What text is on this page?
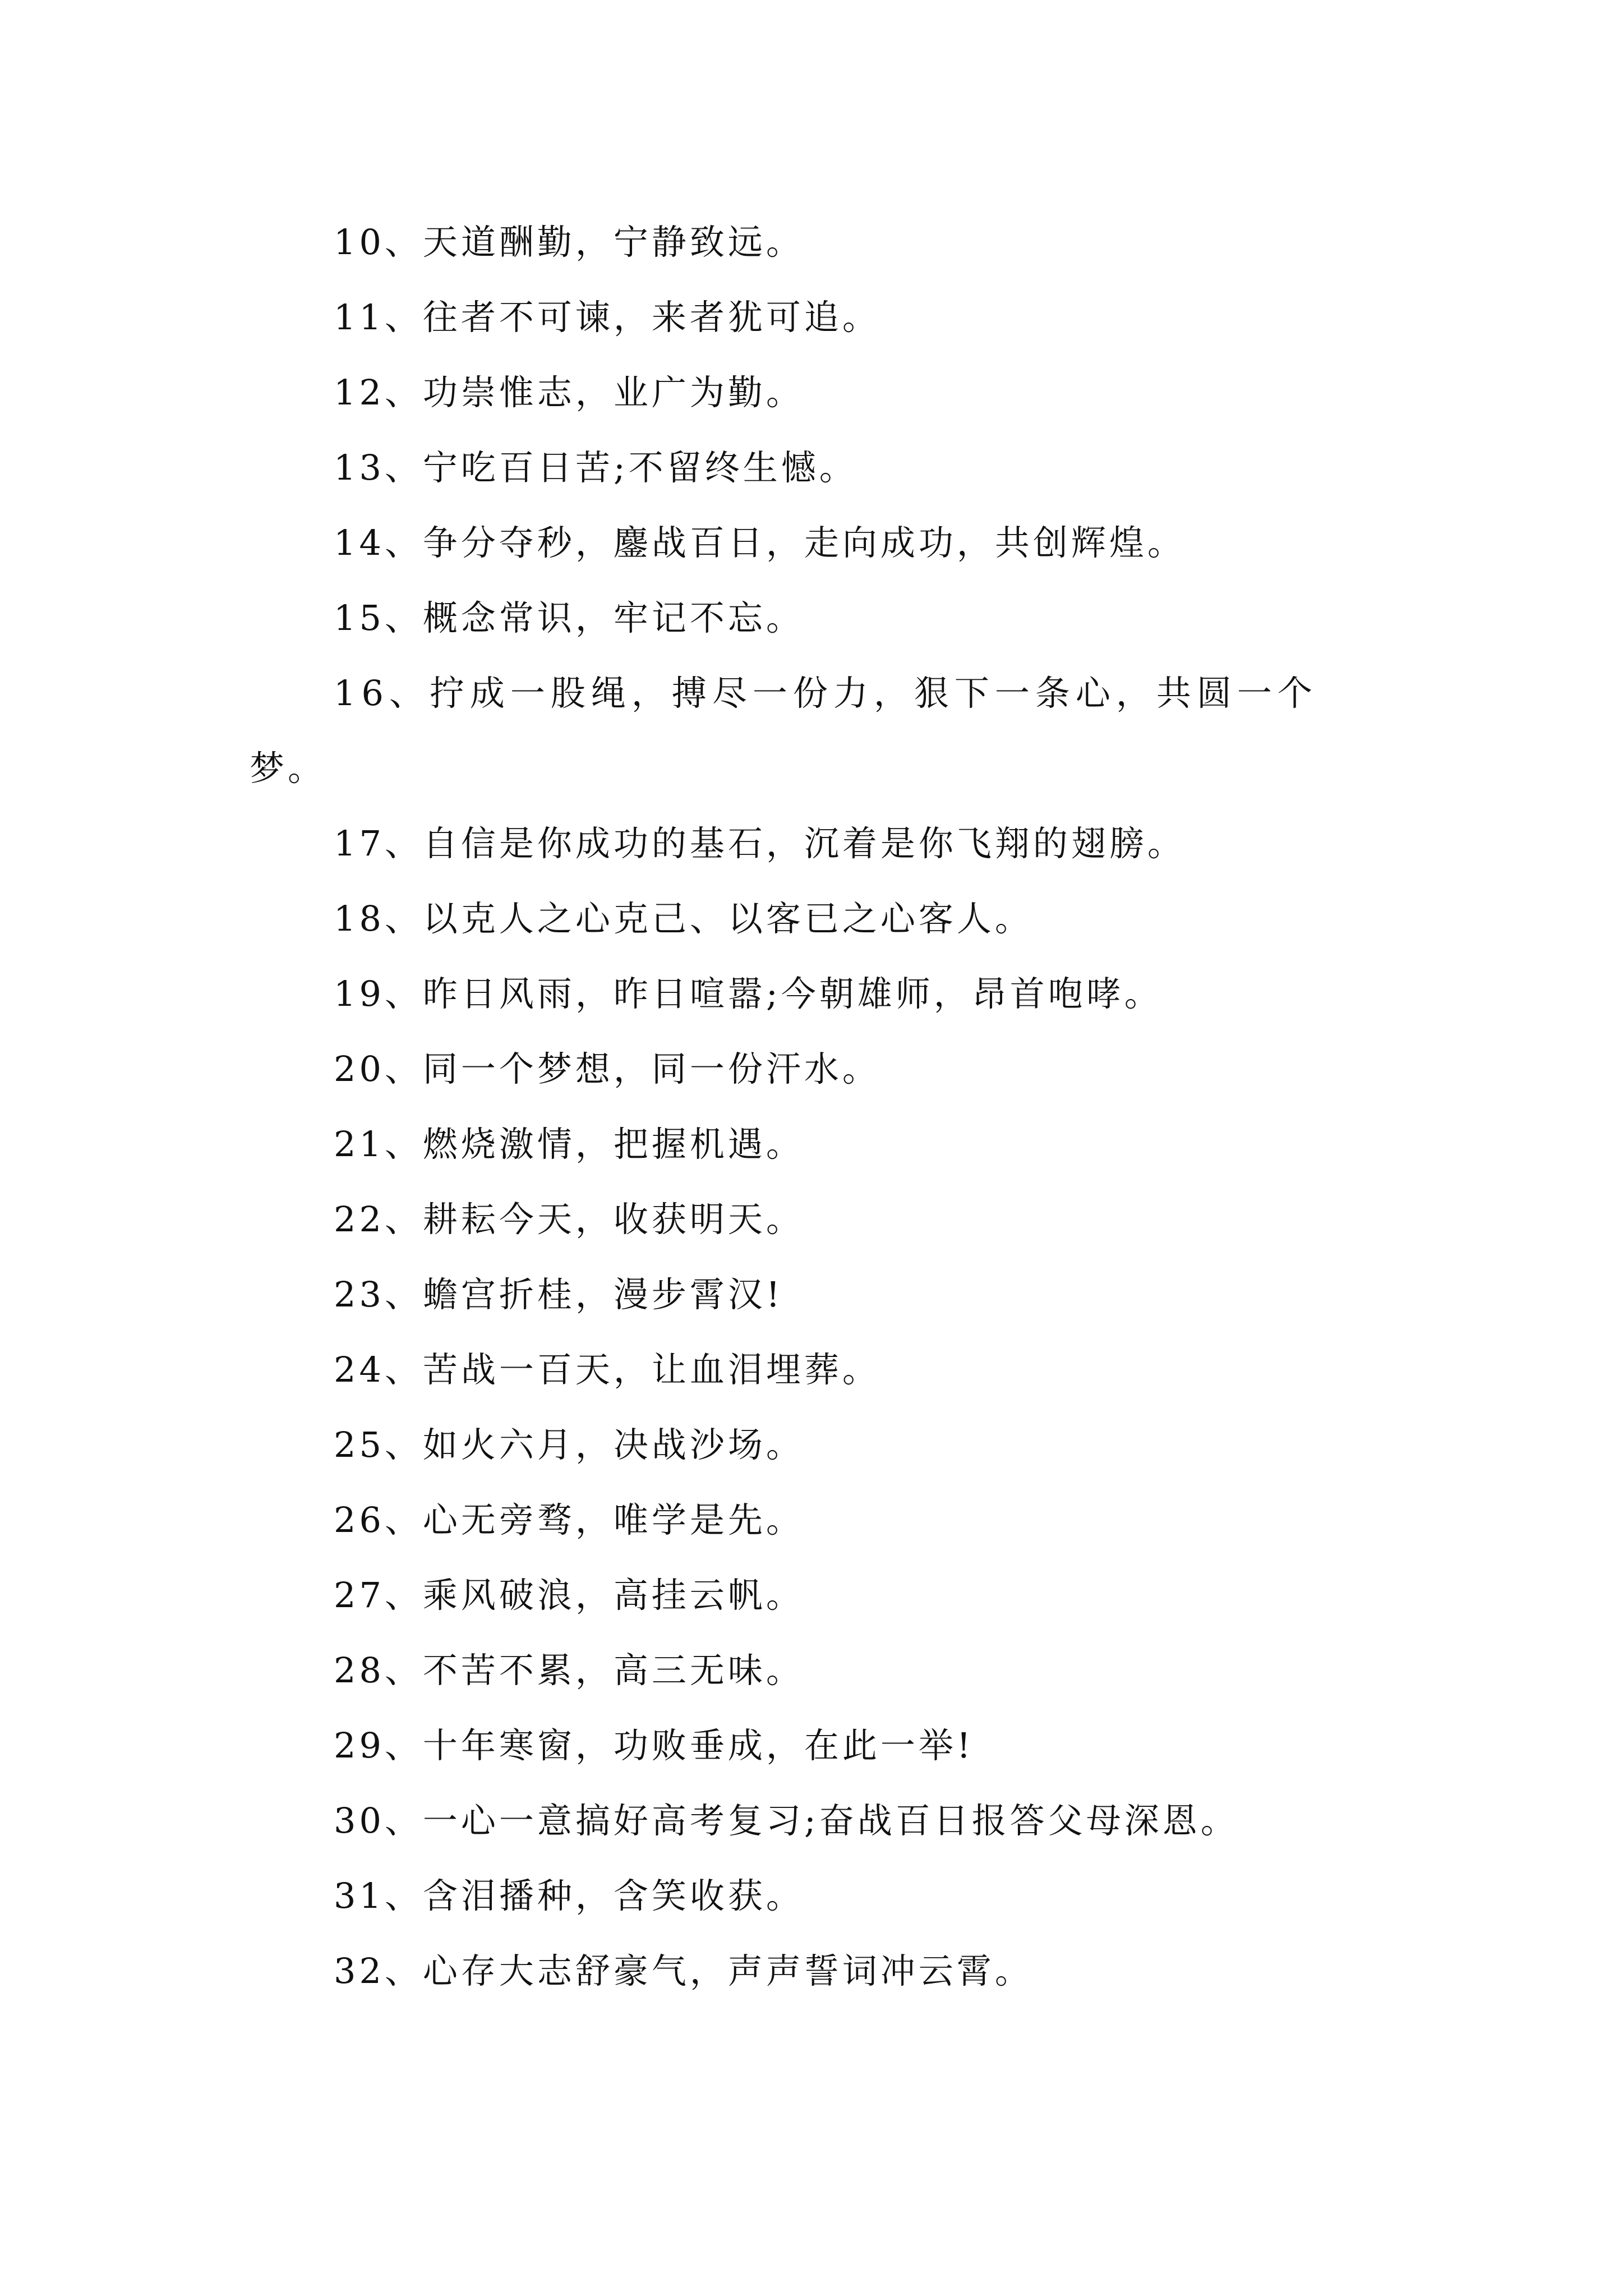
10、天道酬勤，宁静致远。
11、往者不可谏，来者犹可追。
12、功崇惟志，业广为勤。
13、宁吃百日苦;不留终生憾。
14、争分夺秒，鏖战百日，走向成功，共创辉煌。
15、概念常识，牢记不忘。
16、拧成一股绳，搏尽一份力，狠下一条心，共圆一个
梦。
17、自信是你成功的基石，沉着是你飞翔的翅膀。
18、以克人之心克己、以客已之心客人。
19、昨日风雨，昨日喧嚣;今朝雄师，昂首咆哮。
20、同一个梦想，同一份汗水。
21、燃烧激情，把握机遇。
22、耕耘今天，收获明天。
23、蟾宫折桂，漫步霄汉!
24、苦战一百天，让血泪埋葬。
25、如火六月，决战沙场。
26、心无旁骛，唯学是先。
27、乘风破浪，高挂云帆。
28、不苦不累，高三无味。
29、十年寒窗，功败垂成，在此一举!
30、一心一意搞好高考复习;奋战百日报答父母深恩。
31、含泪播种，含笑收获。
32、心存大志舒豪气，声声誓词冲云霄。
